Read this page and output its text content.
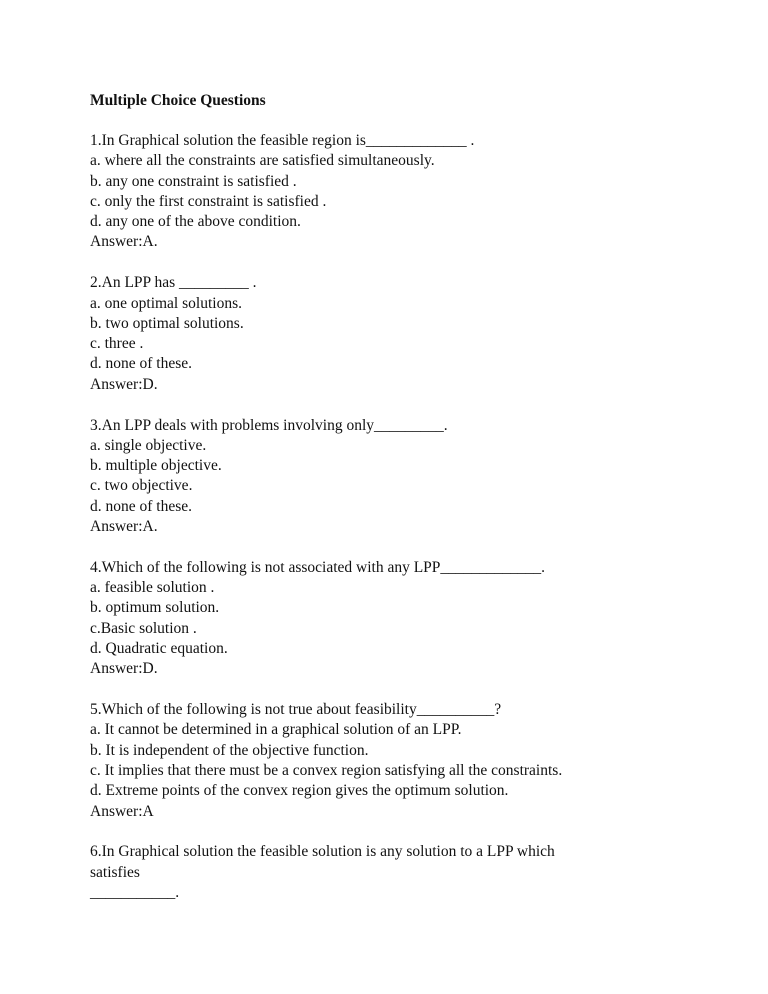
Multiple Choice Questions
1.In Graphical solution the feasible region is_____________ .
a. where all the constraints are satisfied simultaneously.
b. any one constraint is satisfied .
c. only the first constraint is satisfied .
d. any one of the above condition.
Answer:A.
2.An LPP has _________ .
a. one optimal solutions.
b. two optimal solutions.
c. three .
d. none of these.
Answer:D.
3.An LPP deals with problems involving only_________.
a. single objective.
b. multiple objective.
c. two objective.
d. none of these.
Answer:A.
4.Which of the following is not associated with any LPP_____________.
a. feasible solution .
b. optimum solution.
c.Basic solution .
d. Quadratic equation.
Answer:D.
5.Which of the following is not true about feasibility__________?
a. It cannot be determined in a graphical solution of an LPP.
b. It is independent of the objective function.
c. It implies that there must be a convex region satisfying all the constraints.
d. Extreme points of the convex region gives the optimum solution.
Answer:A
6.In Graphical solution the feasible solution is any solution to a LPP which
satisfies
___________.
